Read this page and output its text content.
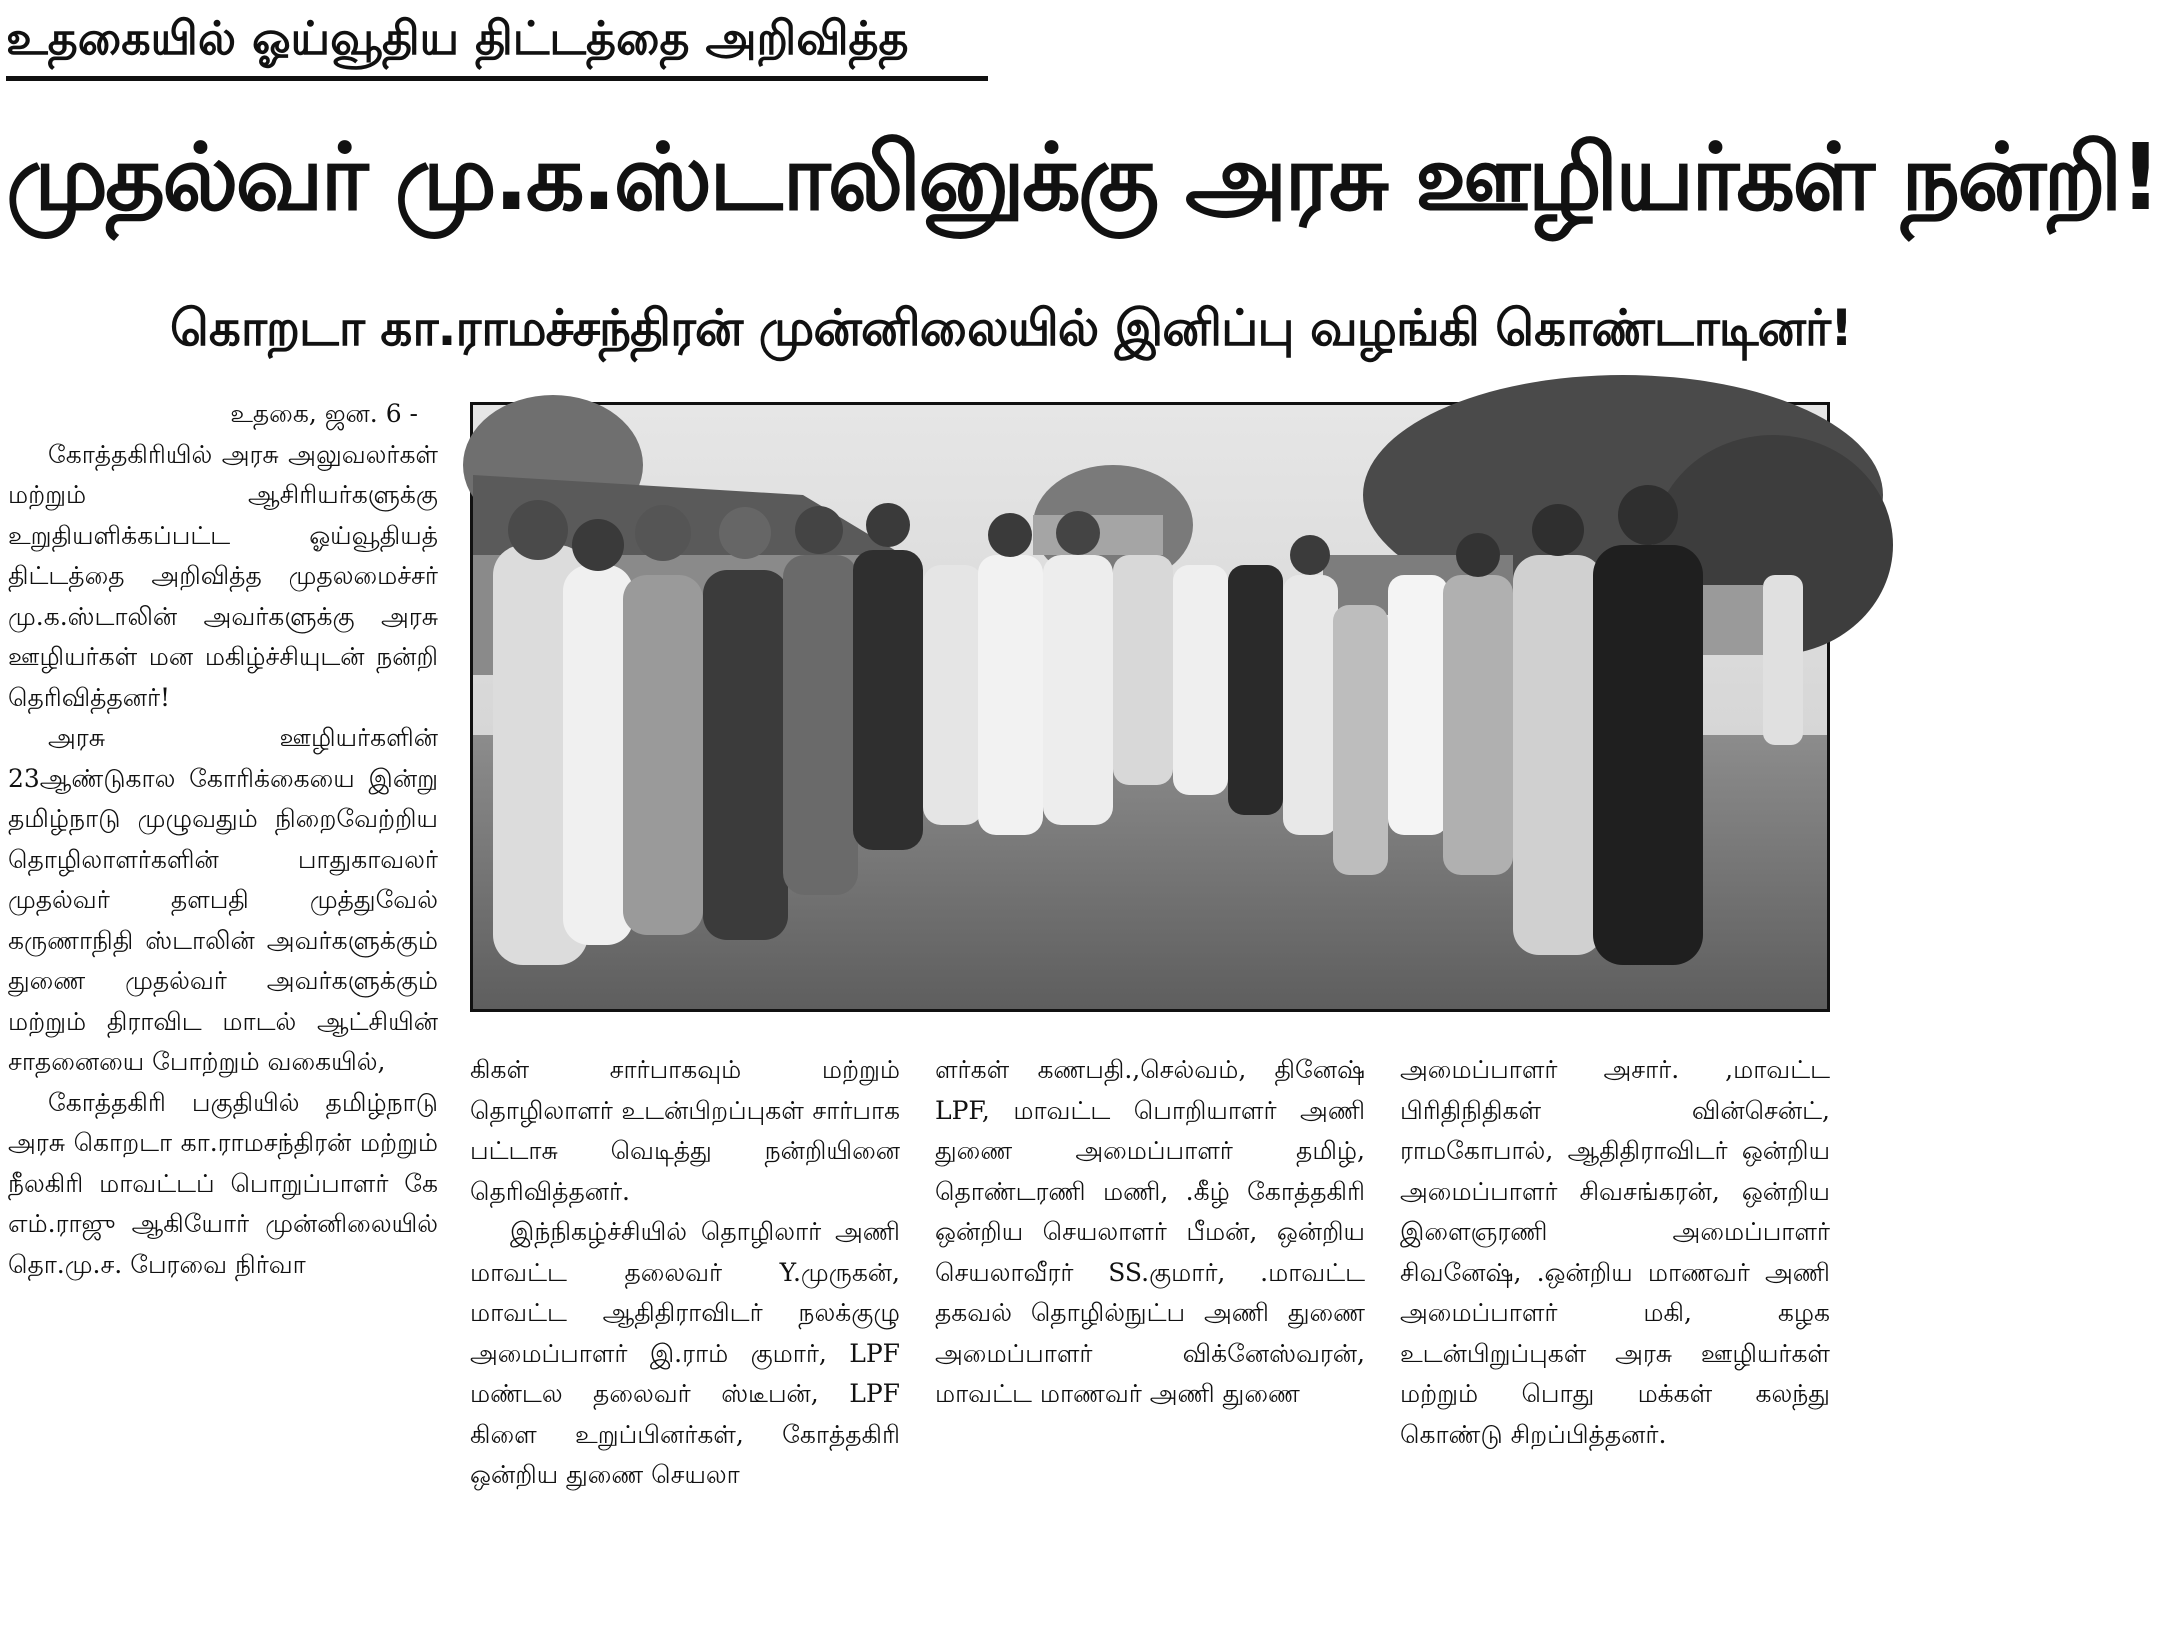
உதகையில் ஓய்வூதிய திட்டத்தை அறிவித்த
முதல்வர் மு.க.ஸ்டாலினுக்கு அரசு ஊழியர்கள் நன்றி!
கொறடா கா.ராமச்சந்திரன் முன்னிலையில் இனிப்பு வழங்கி கொண்டாடினர்!

உதகை, ஜன. 6 -

கோத்தகிரியில் அரசு அலுவலர்கள் மற்றும் ஆசிரியர்களுக்கு உறுதியளிக்கப்பட்ட ஓய்வூதியத் திட்டத்தை அறிவித்த முதலமைச்சர் மு.க.ஸ்டாலின் அவர்களுக்கு அரசு ஊழியர்கள் மன மகிழ்ச்சியுடன் நன்றி தெரிவித்தனர்!

அரசு ஊழியர்களின் 23ஆண்டுகால கோரிக்கையை இன்று தமிழ்நாடு முழுவதும் நிறைவேற்றிய தொழிலாளர்களின் பாதுகாவலர் முதல்வர் தளபதி முத்துவேல் கருணாநிதி ஸ்டாலின் அவர்களுக்கும் துணை முதல்வர் அவர்களுக்கும் மற்றும் திராவிட மாடல் ஆட்சியின் சாதனையை போற்றும் வகையில்,

கோத்தகிரி பகுதியில் தமிழ்நாடு அரசு கொறடா கா.ராமசந்திரன் மற்றும் நீலகிரி மாவட்டப் பொறுப்பாளர் கே எம்.ராஜு ஆகியோர் முன்னிலையில் தொ.மு.ச. பேரவை நிர்வா

கிகள் சார்பாகவும் மற்றும் தொழிலாளர் உடன்பிறப்புகள் சார்பாக பட்டாசு வெடித்து நன்றியினை தெரிவித்தனர்.

இந்நிகழ்ச்சியில் தொழிலார் அணி மாவட்ட தலைவர் Y.முருகன், மாவட்ட ஆதிதிராவிடர் நலக்குழு அமைப்பாளர் இ.ராம் குமார், LPF மண்டல தலைவர் ஸ்டீபன், LPF கிளை உறுப்பினர்கள், கோத்தகிரி ஒன்றிய துணை செயலா

ளர்கள் கணபதி.,செல்வம், தினேஷ் LPF, மாவட்ட பொறியாளர் அணி துணை அமைப்பாளர் தமிழ், தொண்டரணி மணி, .கீழ் கோத்தகிரி ஒன்றிய செயலாளர் பீமன், ஒன்றிய செயலாவீரர் SS.குமார், .மாவட்ட தகவல் தொழில்நுட்ப அணி துணை அமைப்பாளர் விக்னேஸ்வரன், மாவட்ட மாணவர் அணி துணை

அமைப்பாளர் அசார். ,மாவட்ட பிரிதிநிதிகள் வின்சென்ட், ராமகோபால், ஆதிதிராவிடர் ஒன்றிய அமைப்பாளர் சிவசங்கரன், ஒன்றிய இளைஞரணி அமைப்பாளர் சிவனேஷ், .ஒன்றிய மாணவர் அணி அமைப்பாளர் மகி, கழக உடன்பிறுப்புகள் அரசு ஊழியர்கள் மற்றும் பொது மக்கள் கலந்து கொண்டு சிறப்பித்தனர்.
